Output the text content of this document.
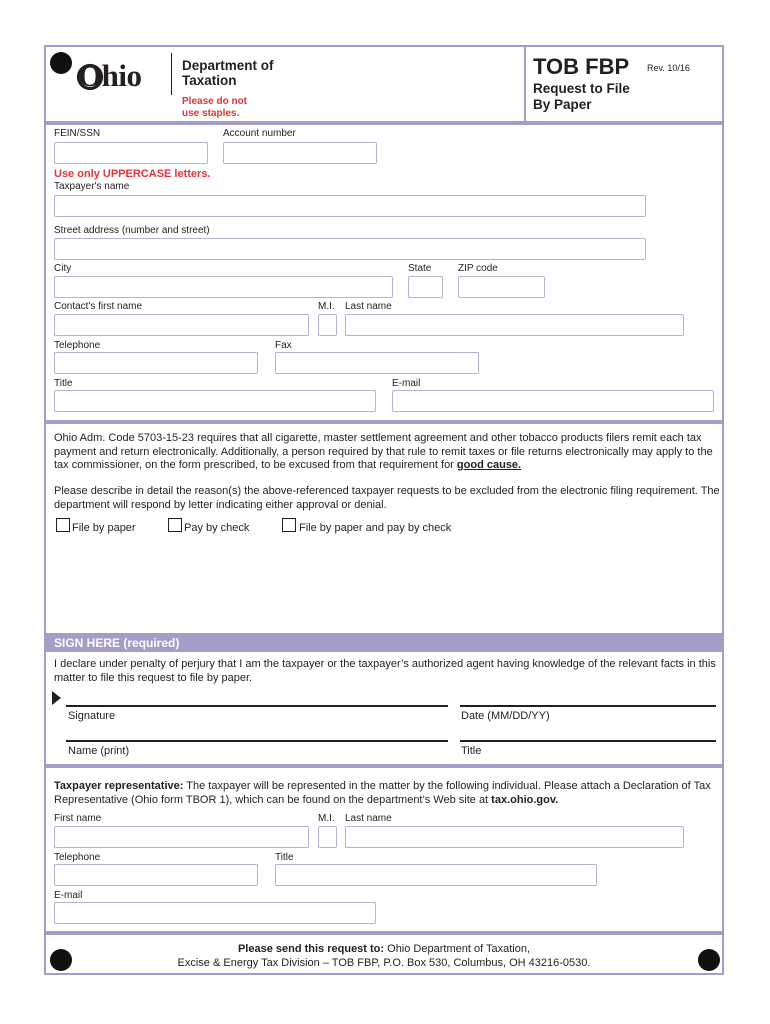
Ohio	Department of
Taxation
Please do not
use staples.
TOB FBP Rev. 10/16
Request to File
By Paper
FEIN/SSN	Account number
Use only UPPERCASE letters.
Taxpayer's name
Street address (number and street)
City	State	ZIP code
Contact's first name	M.I. Last name
Telephone	Fax
Title	E-mail
Ohio Adm. Code 5703-15-23 requires that all cigarette, master settlement agreement and other tobacco products filers remit each tax payment and return electronically. Additionally, a person required by that rule to remit taxes or file returns electronically may apply to the tax commissioner, on the form prescribed, to be excused from that requirement for good cause.
Please describe in detail the reason(s) the above-referenced taxpayer requests to be excluded from the electronic filing requirement. The department will respond by letter indicating either approval or denial.
File by paper	Pay by check	File by paper and pay by check
SIGN HERE (required)
I declare under penalty of perjury that I am the taxpayer or the taxpayer’s authorized agent having knowledge of the relevant facts in this matter to file this request to file by paper.
Signature	Date (MM/DD/YY)
Name (print)	Title
Taxpayer representative: The taxpayer will be represented in the matter by the following individual. Please attach a Declaration of Tax Representative (Ohio form TBOR 1), which can be found on the department’s Web site at tax.ohio.gov.
First name	M.I. Last name
Telephone	Title
E-mail
Please send this request to: Ohio Department of Taxation,
Excise & Energy Tax Division – TOB FBP, P.O. Box 530, Columbus, OH 43216-0530.
